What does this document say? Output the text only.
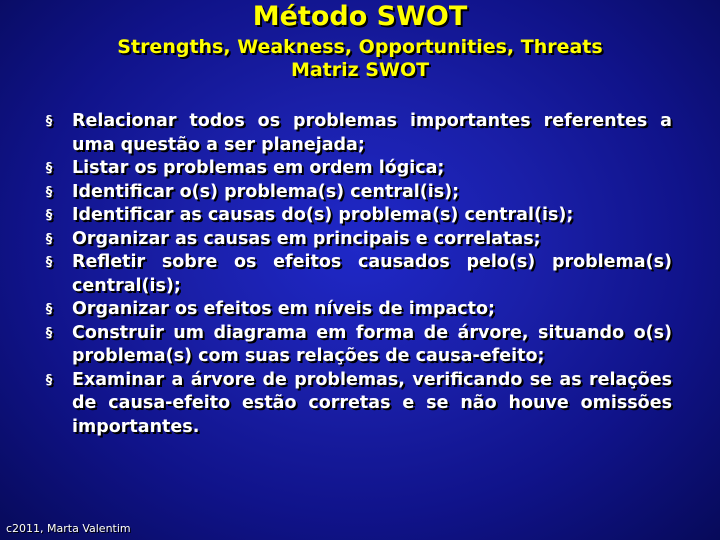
Método SWOT
Strengths, Weakness, Opportunities, Threats
Matriz SWOT
§ Relacionar todos os problemas importantes referentes a uma questão a ser planejada;
§ Listar os problemas em ordem lógica;
§ Identificar o(s) problema(s) central(is);
§ Identificar as causas do(s) problema(s) central(is);
§ Organizar as causas em principais e correlatas;
§ Refletir sobre os efeitos causados pelo(s) problema(s) central(is);
§ Organizar os efeitos em níveis de impacto;
§ Construir um diagrama em forma de árvore, situando o(s) problema(s) com suas relações de causa-efeito;
§ Examinar a árvore de problemas, verificando se as relações de causa-efeito estão corretas e se não houve omissões importantes.
c2011, Marta Valentim
